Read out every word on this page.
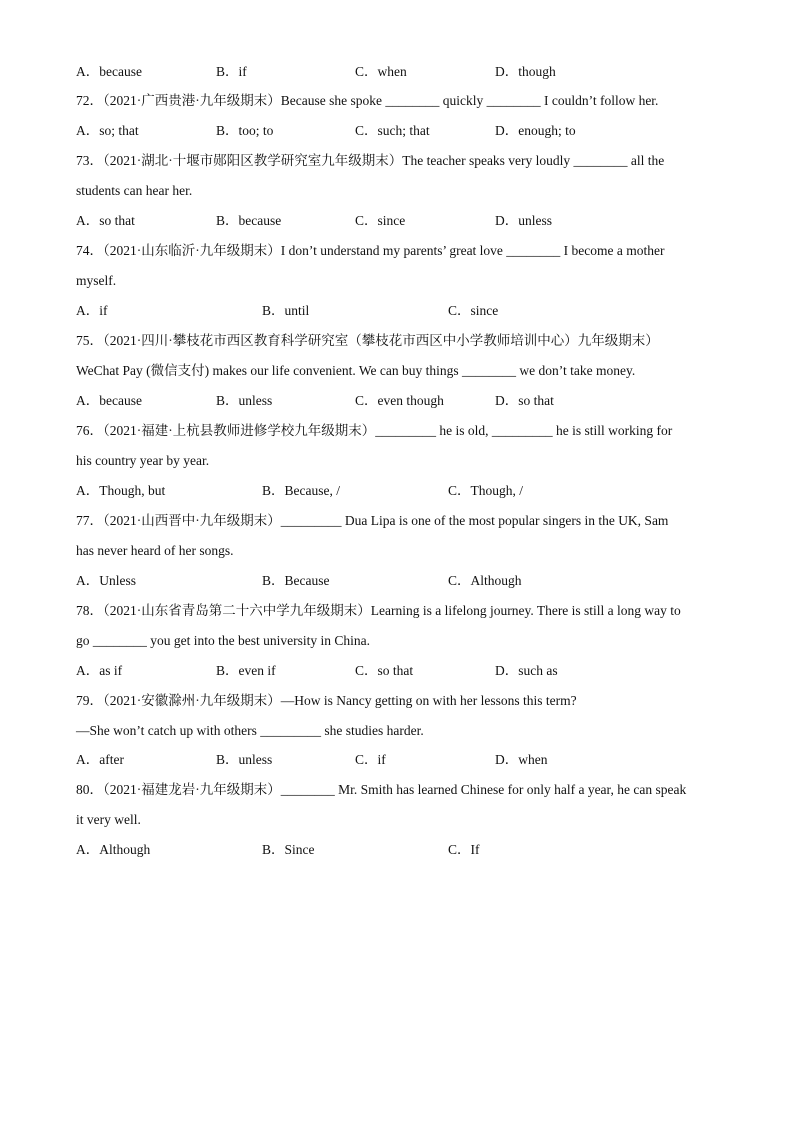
A．because	B．if	C．when	D．though
72．（2021·广西贵港·九年级期末）Because she spoke ________ quickly ________ I couldn’t follow her.
A．so; that	B．too; to	C．such; that	D．enough; to
73．（2021·湖北·十堰市郧阳区教学研究室九年级期末）The teacher speaks very loudly ________ all the
students can hear her.
A．so that	B．because	C．since	D．unless
74．（2021·山东临沂·九年级期末）I don’t understand my parents’ great love ________ I become a mother
myself.
A．if	B．until	C．since
75．（2021·四川·攀枝花市西区教育科学研究室（攀枝花市西区中小学教师培训中心）九年级期末）
WeChat Pay (微信支付) makes our life convenient. We can buy things ________ we don’t take money.
A．because	B．unless	C．even though	D．so that
76．（2021·福建·上杭县教师进修学校九年级期末）_________ he is old, _________ he is still working for
his country year by year.
A．Though, but	B．Because, /	C．Though, /
77．（2021·山西晋中·九年级期末）_________ Dua Lipa is one of the most popular singers in the UK, Sam
has never heard of her songs.
A．Unless	B．Because	C．Although
78．（2021·山东省青岛第二十六中学九年级期末）Learning is a lifelong journey. There is still a long way to
go ________ you get into the best university in China.
A．as if	B．even if	C．so that	D．such as
79．（2021·安徽滁州·九年级期末）—How is Nancy getting on with her lessons this term?
—She won’t catch up with others _________ she studies harder.
A．after	B．unless	C．if	D．when
80．（2021·福建龙岩·九年级期末）________ Mr. Smith has learned Chinese for only half a year, he can speak
it very well.
A．Although	B．Since	C．If
